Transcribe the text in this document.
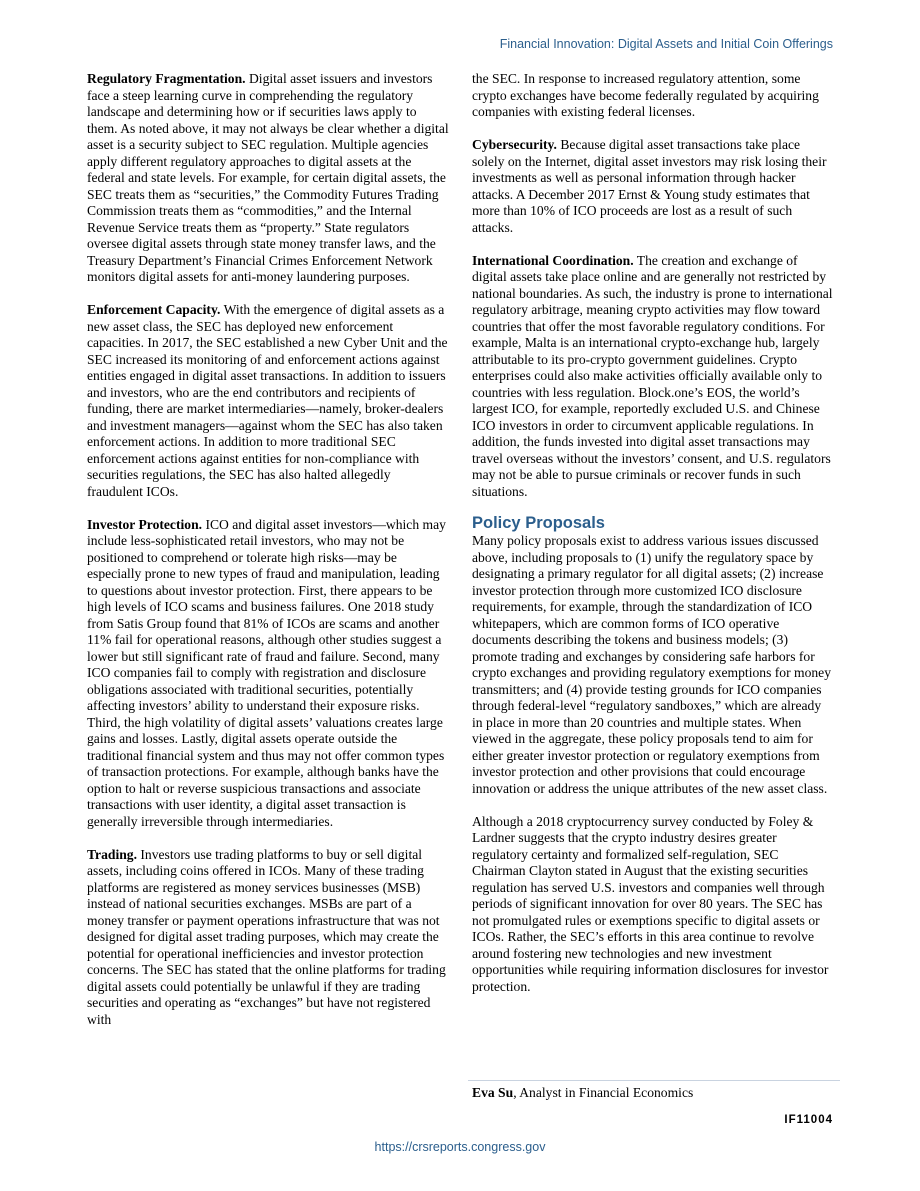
Financial Innovation: Digital Assets and Initial Coin Offerings

Regulatory Fragmentation. Digital asset issuers and investors face a steep learning curve in comprehending the regulatory landscape and determining how or if securities laws apply to them. As noted above, it may not always be clear whether a digital asset is a security subject to SEC regulation. Multiple agencies apply different regulatory approaches to digital assets at the federal and state levels. For example, for certain digital assets, the SEC treats them as “securities,” the Commodity Futures Trading Commission treats them as “commodities,” and the Internal Revenue Service treats them as “property.” State regulators oversee digital assets through state money transfer laws, and the Treasury Department’s Financial Crimes Enforcement Network monitors digital assets for anti-money laundering purposes.

Enforcement Capacity. With the emergence of digital assets as a new asset class, the SEC has deployed new enforcement capacities. In 2017, the SEC established a new Cyber Unit and the SEC increased its monitoring of and enforcement actions against entities engaged in digital asset transactions. In addition to issuers and investors, who are the end contributors and recipients of funding, there are market intermediaries—namely, broker-dealers and investment managers—against whom the SEC has also taken enforcement actions. In addition to more traditional SEC enforcement actions against entities for non-compliance with securities regulations, the SEC has also halted allegedly fraudulent ICOs.

Investor Protection. ICO and digital asset investors—which may include less-sophisticated retail investors, who may not be positioned to comprehend or tolerate high risks—may be especially prone to new types of fraud and manipulation, leading to questions about investor protection. First, there appears to be high levels of ICO scams and business failures. One 2018 study from Satis Group found that 81% of ICOs are scams and another 11% fail for operational reasons, although other studies suggest a lower but still significant rate of fraud and failure. Second, many ICO companies fail to comply with registration and disclosure obligations associated with traditional securities, potentially affecting investors’ ability to understand their exposure risks. Third, the high volatility of digital assets’ valuations creates large gains and losses. Lastly, digital assets operate outside the traditional financial system and thus may not offer common types of transaction protections. For example, although banks have the option to halt or reverse suspicious transactions and associate transactions with user identity, a digital asset transaction is generally irreversible through intermediaries.

Trading. Investors use trading platforms to buy or sell digital assets, including coins offered in ICOs. Many of these trading platforms are registered as money services businesses (MSB) instead of national securities exchanges. MSBs are part of a money transfer or payment operations infrastructure that was not designed for digital asset trading purposes, which may create the potential for operational inefficiencies and investor protection concerns. The SEC has stated that the online platforms for trading digital assets could potentially be unlawful if they are trading securities and operating as “exchanges” but have not registered with

the SEC. In response to increased regulatory attention, some crypto exchanges have become federally regulated by acquiring companies with existing federal licenses.

Cybersecurity. Because digital asset transactions take place solely on the Internet, digital asset investors may risk losing their investments as well as personal information through hacker attacks. A December 2017 Ernst & Young study estimates that more than 10% of ICO proceeds are lost as a result of such attacks.

International Coordination. The creation and exchange of digital assets take place online and are generally not restricted by national boundaries. As such, the industry is prone to international regulatory arbitrage, meaning crypto activities may flow toward countries that offer the most favorable regulatory conditions. For example, Malta is an international crypto-exchange hub, largely attributable to its pro-crypto government guidelines. Crypto enterprises could also make activities officially available only to countries with less regulation. Block.one’s EOS, the world’s largest ICO, for example, reportedly excluded U.S. and Chinese ICO investors in order to circumvent applicable regulations. In addition, the funds invested into digital asset transactions may travel overseas without the investors’ consent, and U.S. regulators may not be able to pursue criminals or recover funds in such situations.

Policy Proposals

Many policy proposals exist to address various issues discussed above, including proposals to (1) unify the regulatory space by designating a primary regulator for all digital assets; (2) increase investor protection through more customized ICO disclosure requirements, for example, through the standardization of ICO whitepapers, which are common forms of ICO operative documents describing the tokens and business models; (3) promote trading and exchanges by considering safe harbors for crypto exchanges and providing regulatory exemptions for money transmitters; and (4) provide testing grounds for ICO companies through federal-level “regulatory sandboxes,” which are already in place in more than 20 countries and multiple states. When viewed in the aggregate, these policy proposals tend to aim for either greater investor protection or regulatory exemptions from investor protection and other provisions that could encourage innovation or address the unique attributes of the new asset class.

Although a 2018 cryptocurrency survey conducted by Foley & Lardner suggests that the crypto industry desires greater regulatory certainty and formalized self-regulation, SEC Chairman Clayton stated in August that the existing securities regulation has served U.S. investors and companies well through periods of significant innovation for over 80 years. The SEC has not promulgated rules or exemptions specific to digital assets or ICOs. Rather, the SEC’s efforts in this area continue to revolve around fostering new technologies and new investment opportunities while requiring information disclosures for investor protection.

Eva Su, Analyst in Financial Economics
IF11004
https://crsreports.congress.gov
